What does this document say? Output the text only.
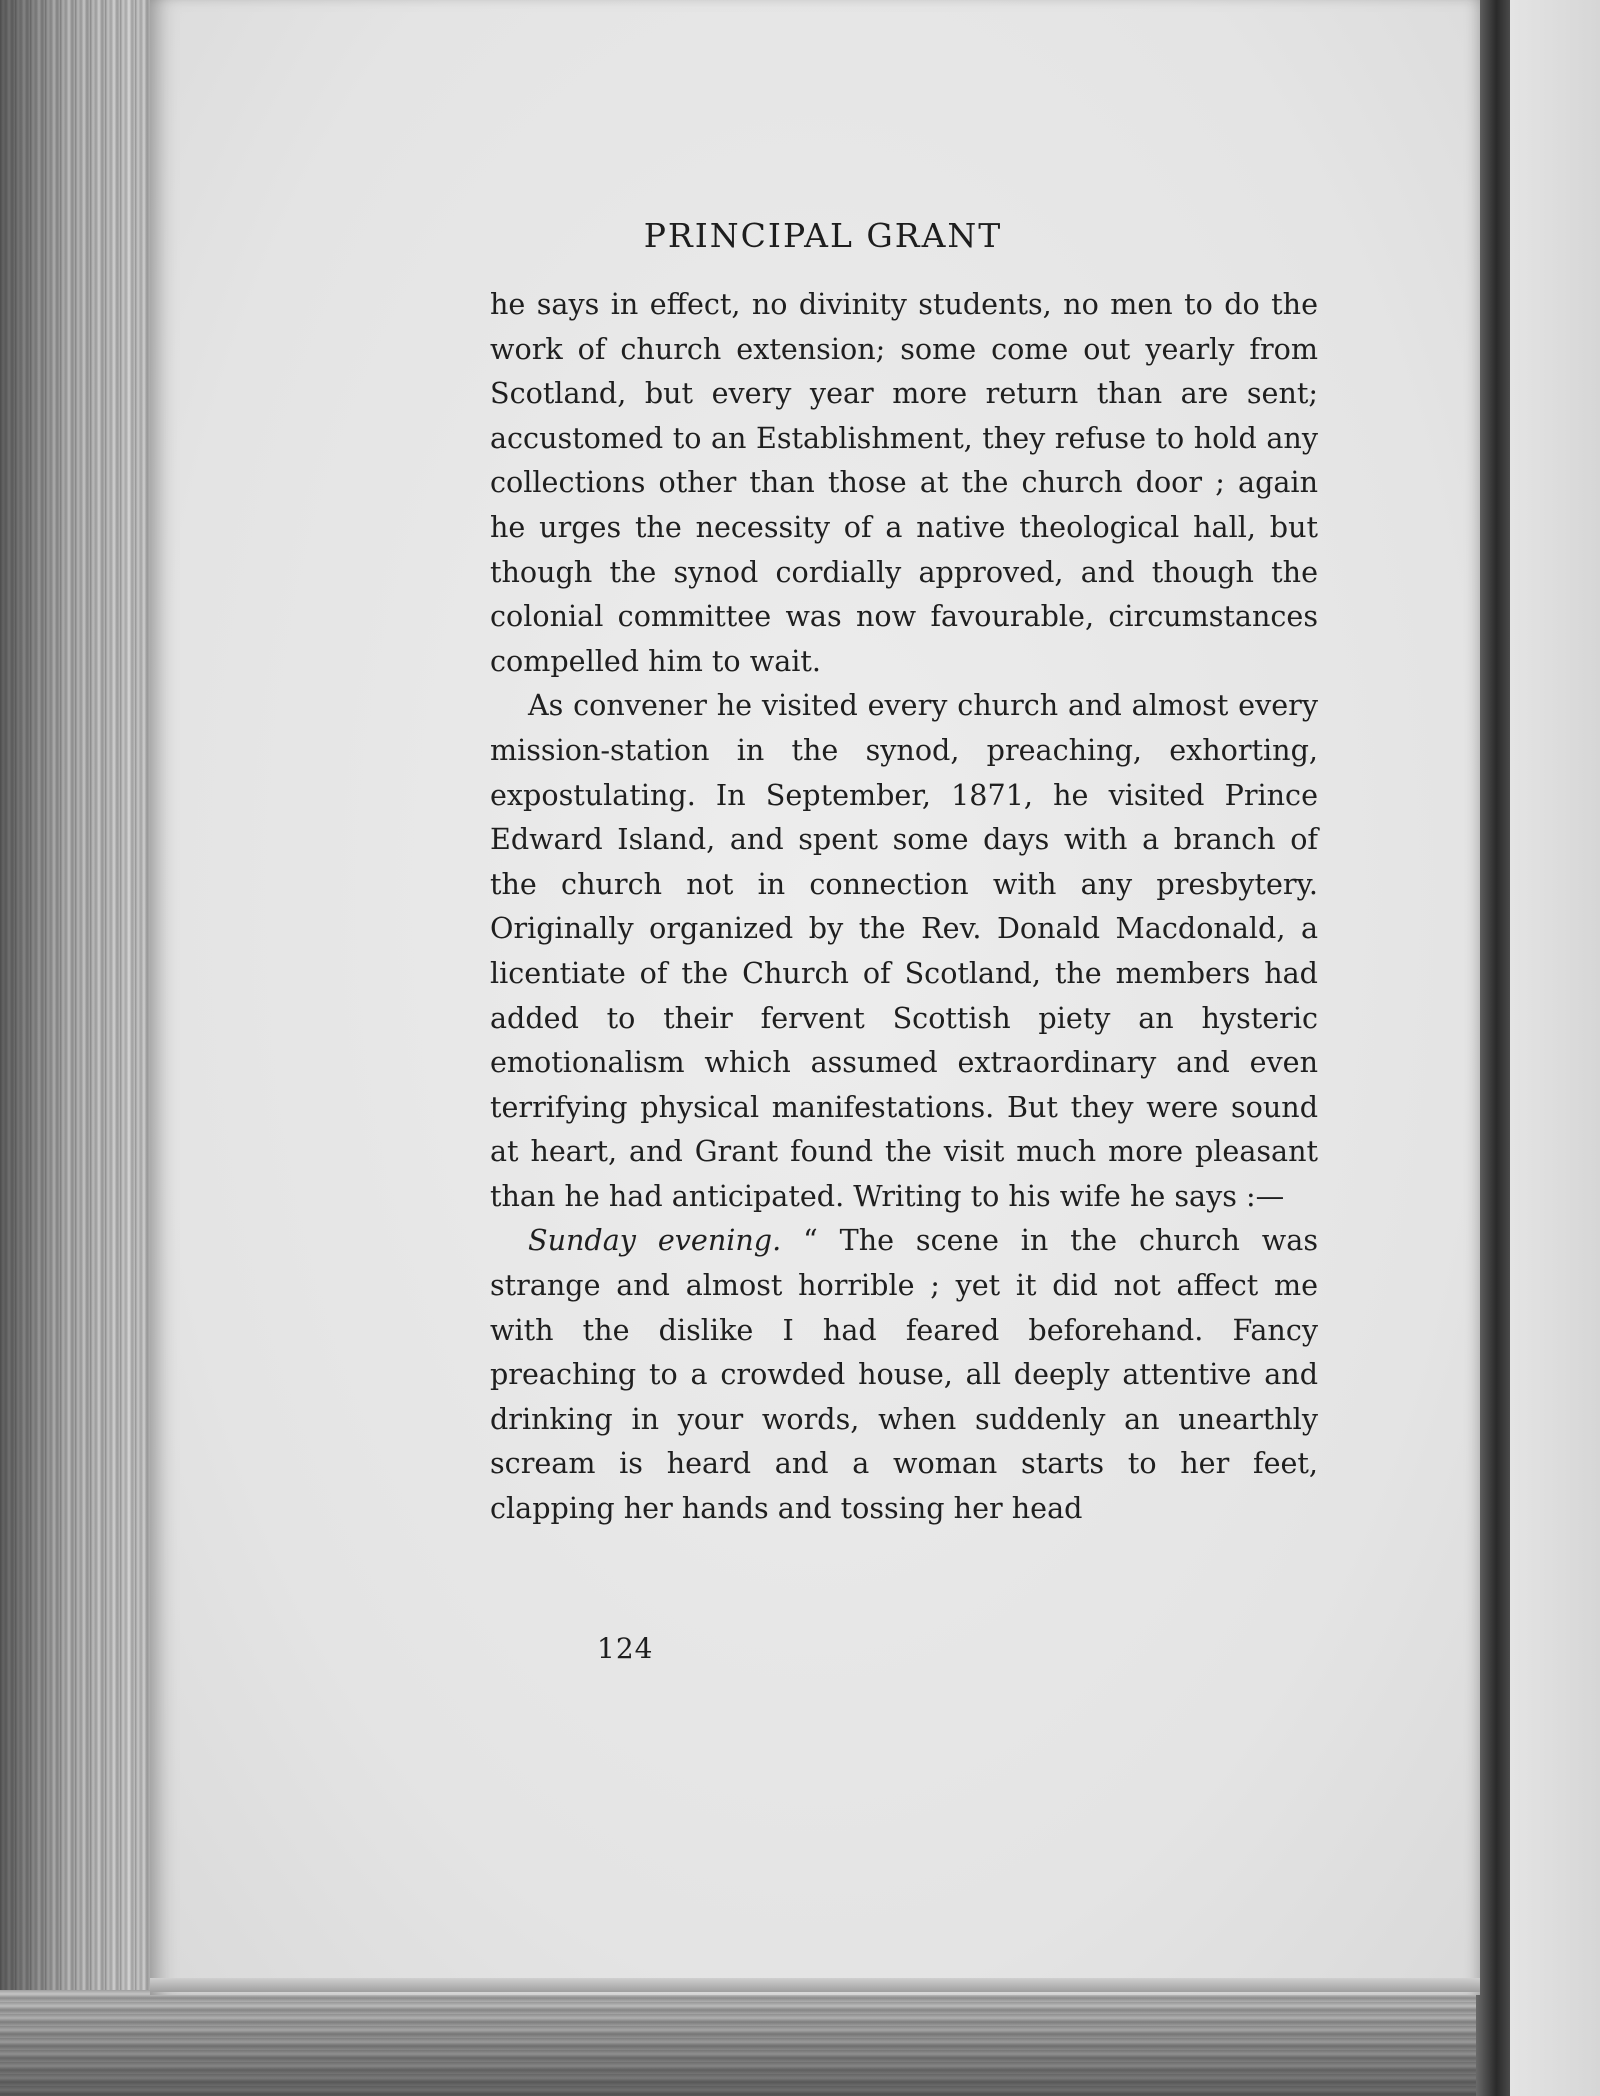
PRINCIPAL GRANT

he says in effect, no divinity students, no men to do the work of church extension; some come out yearly from Scotland, but every year more return than are sent; accustomed to an Establishment, they refuse to hold any collections other than those at the church door ; again he urges the necessity of a native theological hall, but though the synod cordially approved, and though the colonial committee was now favourable, circumstances compelled him to wait.

As convener he visited every church and almost every mission-station in the synod, preaching, exhorting, expostulating. In September, 1871, he visited Prince Edward Island, and spent some days with a branch of the church not in connection with any presbytery. Originally organized by the Rev. Donald Macdonald, a licentiate of the Church of Scotland, the members had added to their fervent Scottish piety an hysteric emotionalism which assumed extraordinary and even terrifying physical manifestations. But they were sound at heart, and Grant found the visit much more pleasant than he had anticipated. Writing to his wife he says :—

Sunday evening. “ The scene in the church was strange and almost horrible ; yet it did not affect me with the dislike I had feared beforehand. Fancy preaching to a crowded house, all deeply attentive and drinking in your words, when suddenly an unearthly scream is heard and a woman starts to her feet, clapping her hands and tossing her head

124
